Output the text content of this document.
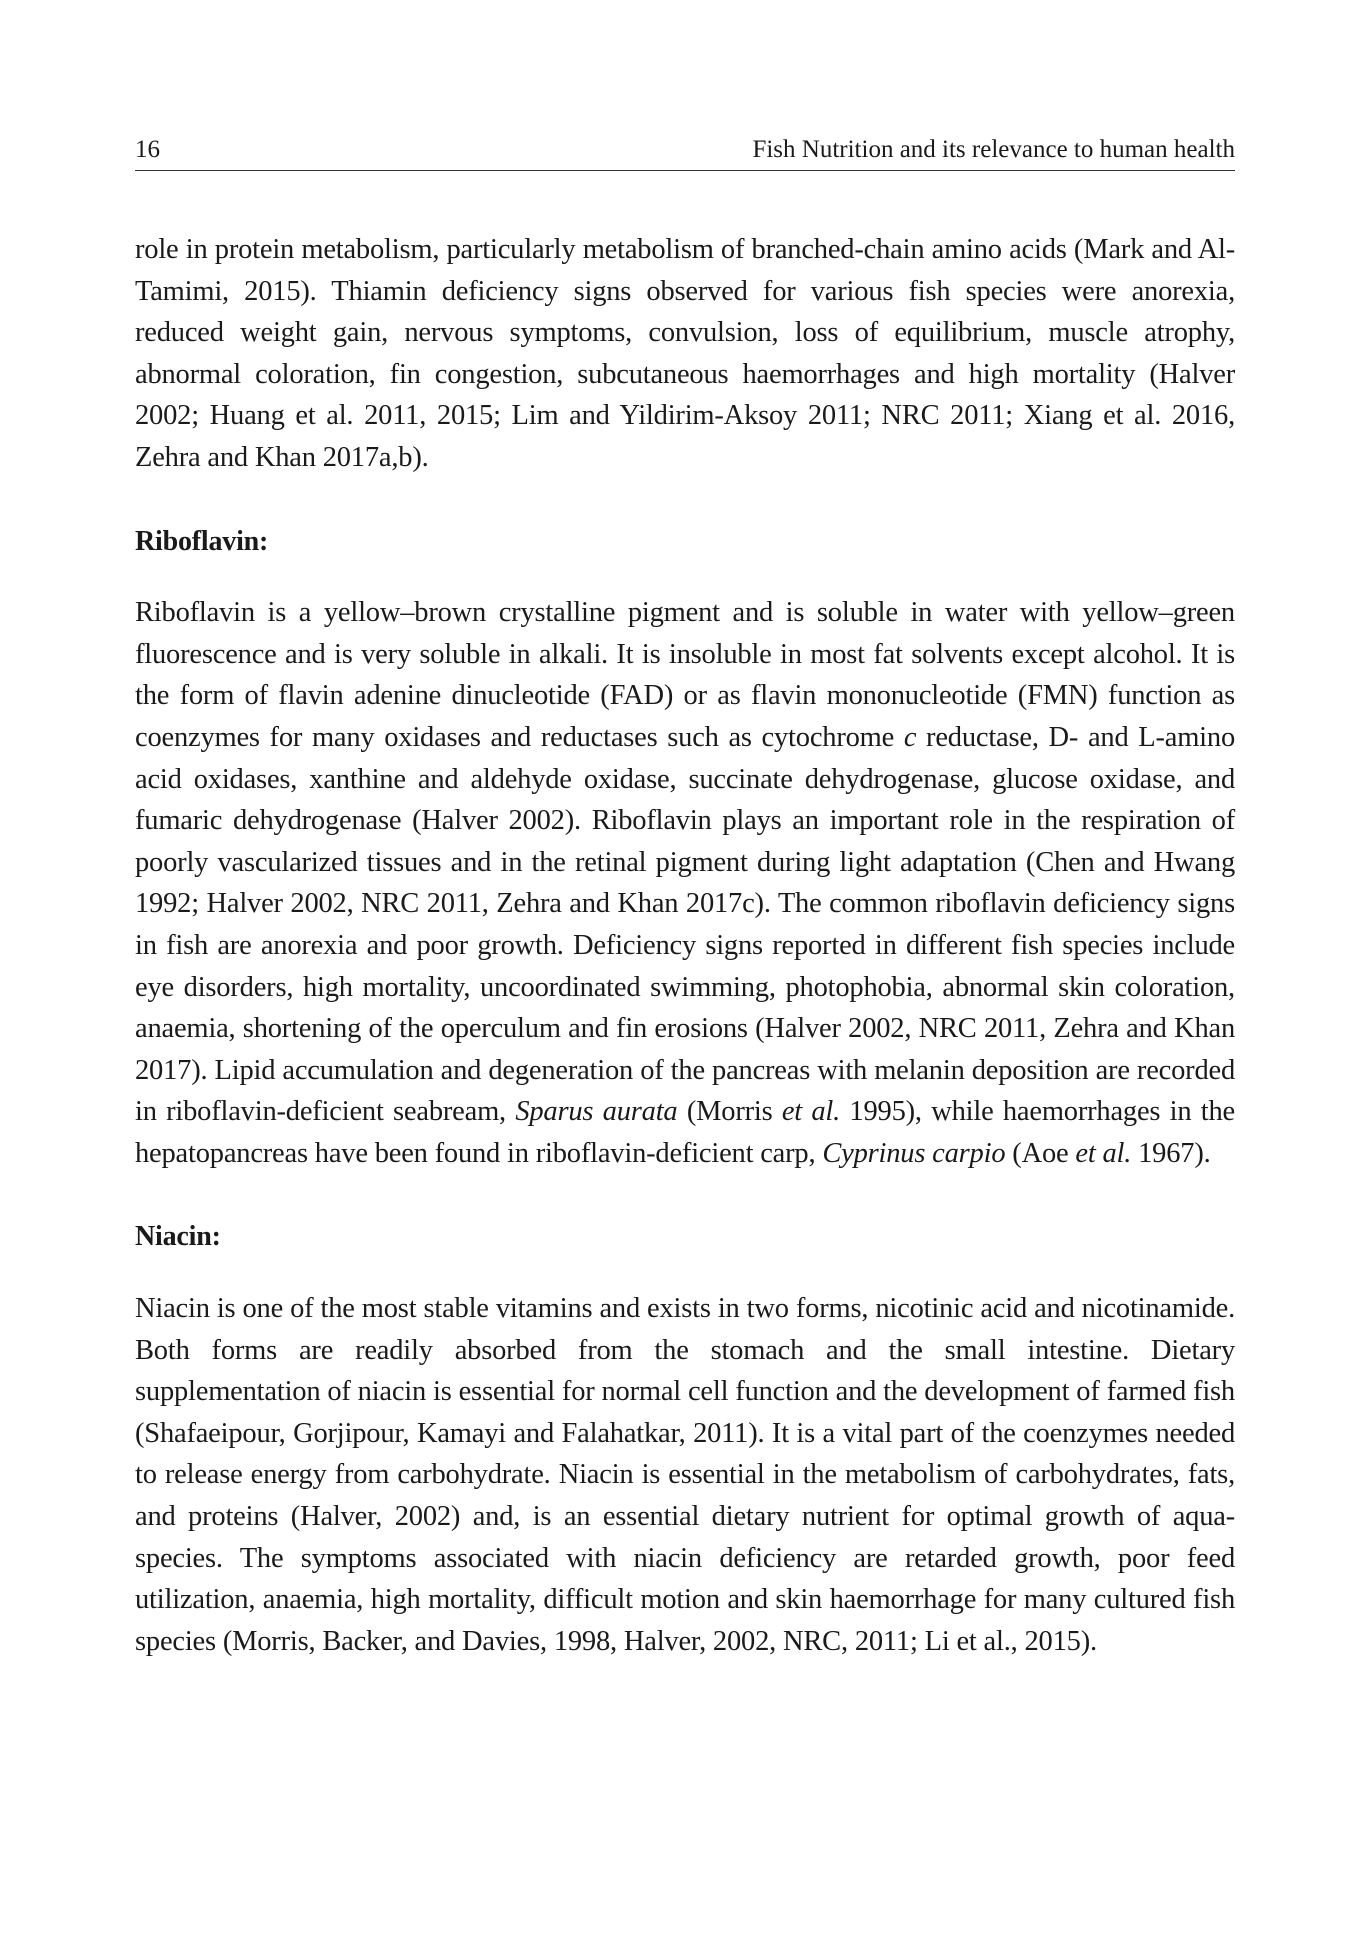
16	Fish Nutrition and its relevance to human health

role in protein metabolism, particularly metabolism of branched-chain amino acids (Mark and Al-Tamimi, 2015). Thiamin deficiency signs observed for various fish species were anorexia, reduced weight gain, nervous symptoms, convulsion, loss of equilibrium, muscle atrophy, abnormal coloration, fin congestion, subcutaneous haemorrhages and high mortality (Halver 2002; Huang et al. 2011, 2015; Lim and Yildirim-Aksoy 2011; NRC 2011; Xiang et al. 2016, Zehra and Khan 2017a,b).

Riboflavin:

Riboflavin is a yellow–brown crystalline pigment and is soluble in water with yellow–green fluorescence and is very soluble in alkali. It is insoluble in most fat solvents except alcohol. It is the form of flavin adenine dinucleotide (FAD) or as flavin mononucleotide (FMN) function as coenzymes for many oxidases and reductases such as cytochrome c reductase, D- and L-amino acid oxidases, xanthine and aldehyde oxidase, succinate dehydrogenase, glucose oxidase, and fumaric dehydrogenase (Halver 2002). Riboflavin plays an important role in the respiration of poorly vascularized tissues and in the retinal pigment during light adaptation (Chen and Hwang 1992; Halver 2002, NRC 2011, Zehra and Khan 2017c). The common riboflavin deficiency signs in fish are anorexia and poor growth. Deficiency signs reported in different fish species include eye disorders, high mortality, uncoordinated swimming, photophobia, abnormal skin coloration, anaemia, shortening of the operculum and fin erosions (Halver 2002, NRC 2011, Zehra and Khan 2017). Lipid accumulation and degeneration of the pancreas with melanin deposition are recorded in riboflavin-deficient seabream, Sparus aurata (Morris et al. 1995), while haemorrhages in the hepatopancreas have been found in riboflavin-deficient carp, Cyprinus carpio (Aoe et al. 1967).

Niacin:

Niacin is one of the most stable vitamins and exists in two forms, nicotinic acid and nicotinamide. Both forms are readily absorbed from the stomach and the small intestine. Dietary supplementation of niacin is essential for normal cell function and the development of farmed fish (Shafaeipour, Gorjipour, Kamayi and Falahatkar, 2011). It is a vital part of the coenzymes needed to release energy from carbohydrate. Niacin is essential in the metabolism of carbohydrates, fats, and proteins (Halver, 2002) and, is an essential dietary nutrient for optimal growth of aqua-species. The symptoms associated with niacin deficiency are retarded growth, poor feed utilization, anaemia, high mortality, difficult motion and skin haemorrhage for many cultured fish species (Morris, Backer, and Davies, 1998, Halver, 2002, NRC, 2011; Li et al., 2015).
